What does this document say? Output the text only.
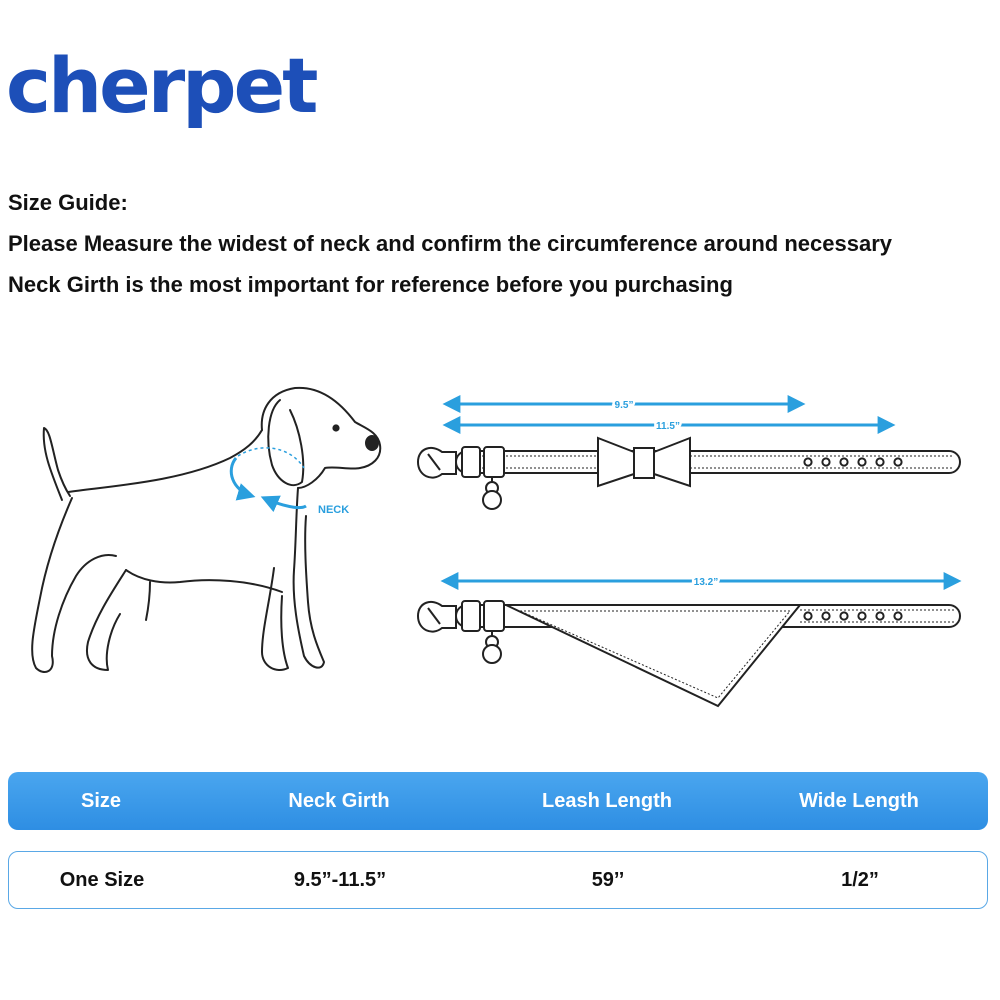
cherpet

Size Guide:

Please Measure the widest of neck and confirm the circumference around necessary

Neck Girth is the most important for reference before you purchasing

NECK
9.5”
11.5”
13.2”
Size	Neck Girth	Leash Length	Wide Length
One Size	9.5”-11.5”	59’’	1/2”
